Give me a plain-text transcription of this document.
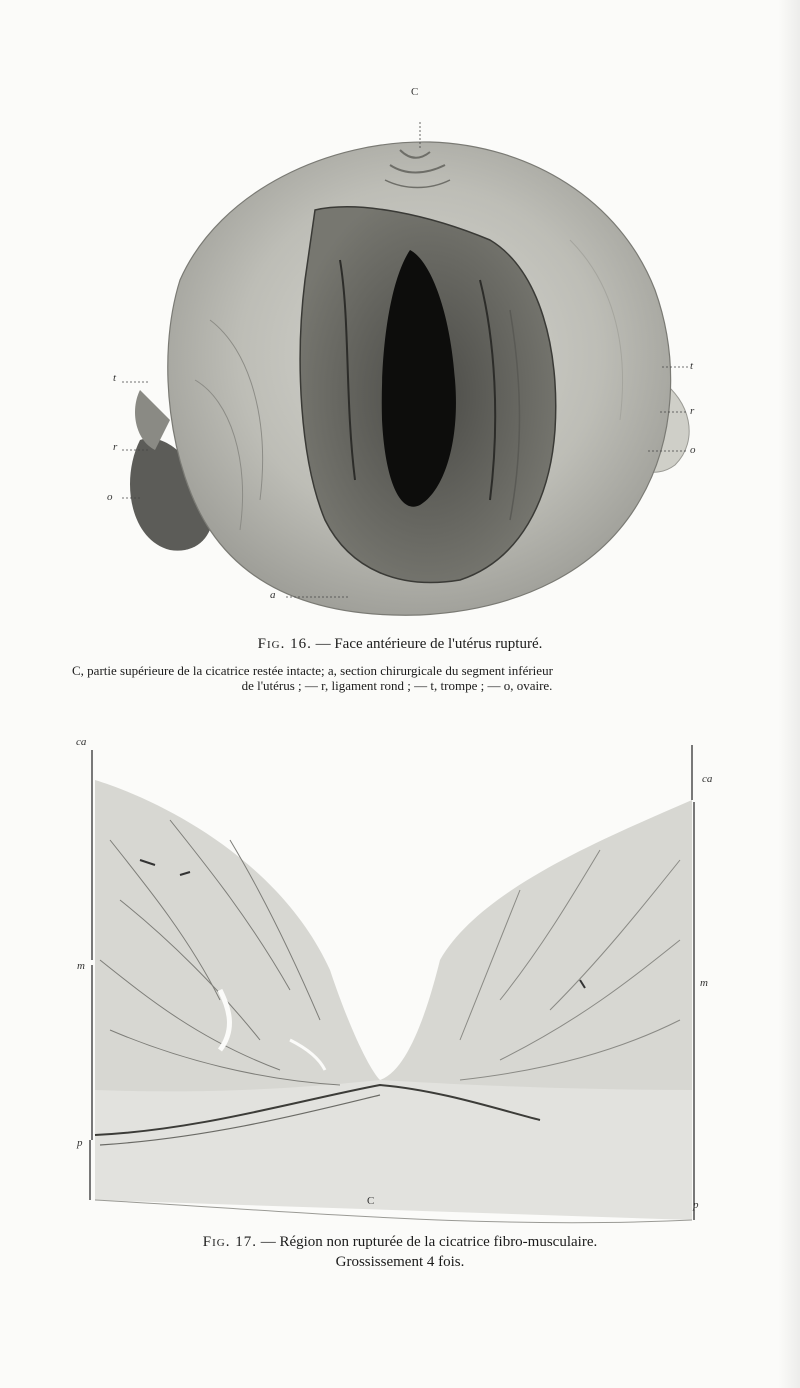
C
t
r
o
t
r
o
a
Fig. 16. — Face antérieure de l'utérus rupturé.
C, partie supérieure de la cicatrice restée intacte; a, section chirurgicale du segment inférieur
de l'utérus ; — r, ligament rond ; — t, trompe ; — o, ovaire.
ca
m
p
ca
m
p
C
Fig. 17. — Région non rupturée de la cicatrice fibro-musculaire.
Grossissement 4 fois.
